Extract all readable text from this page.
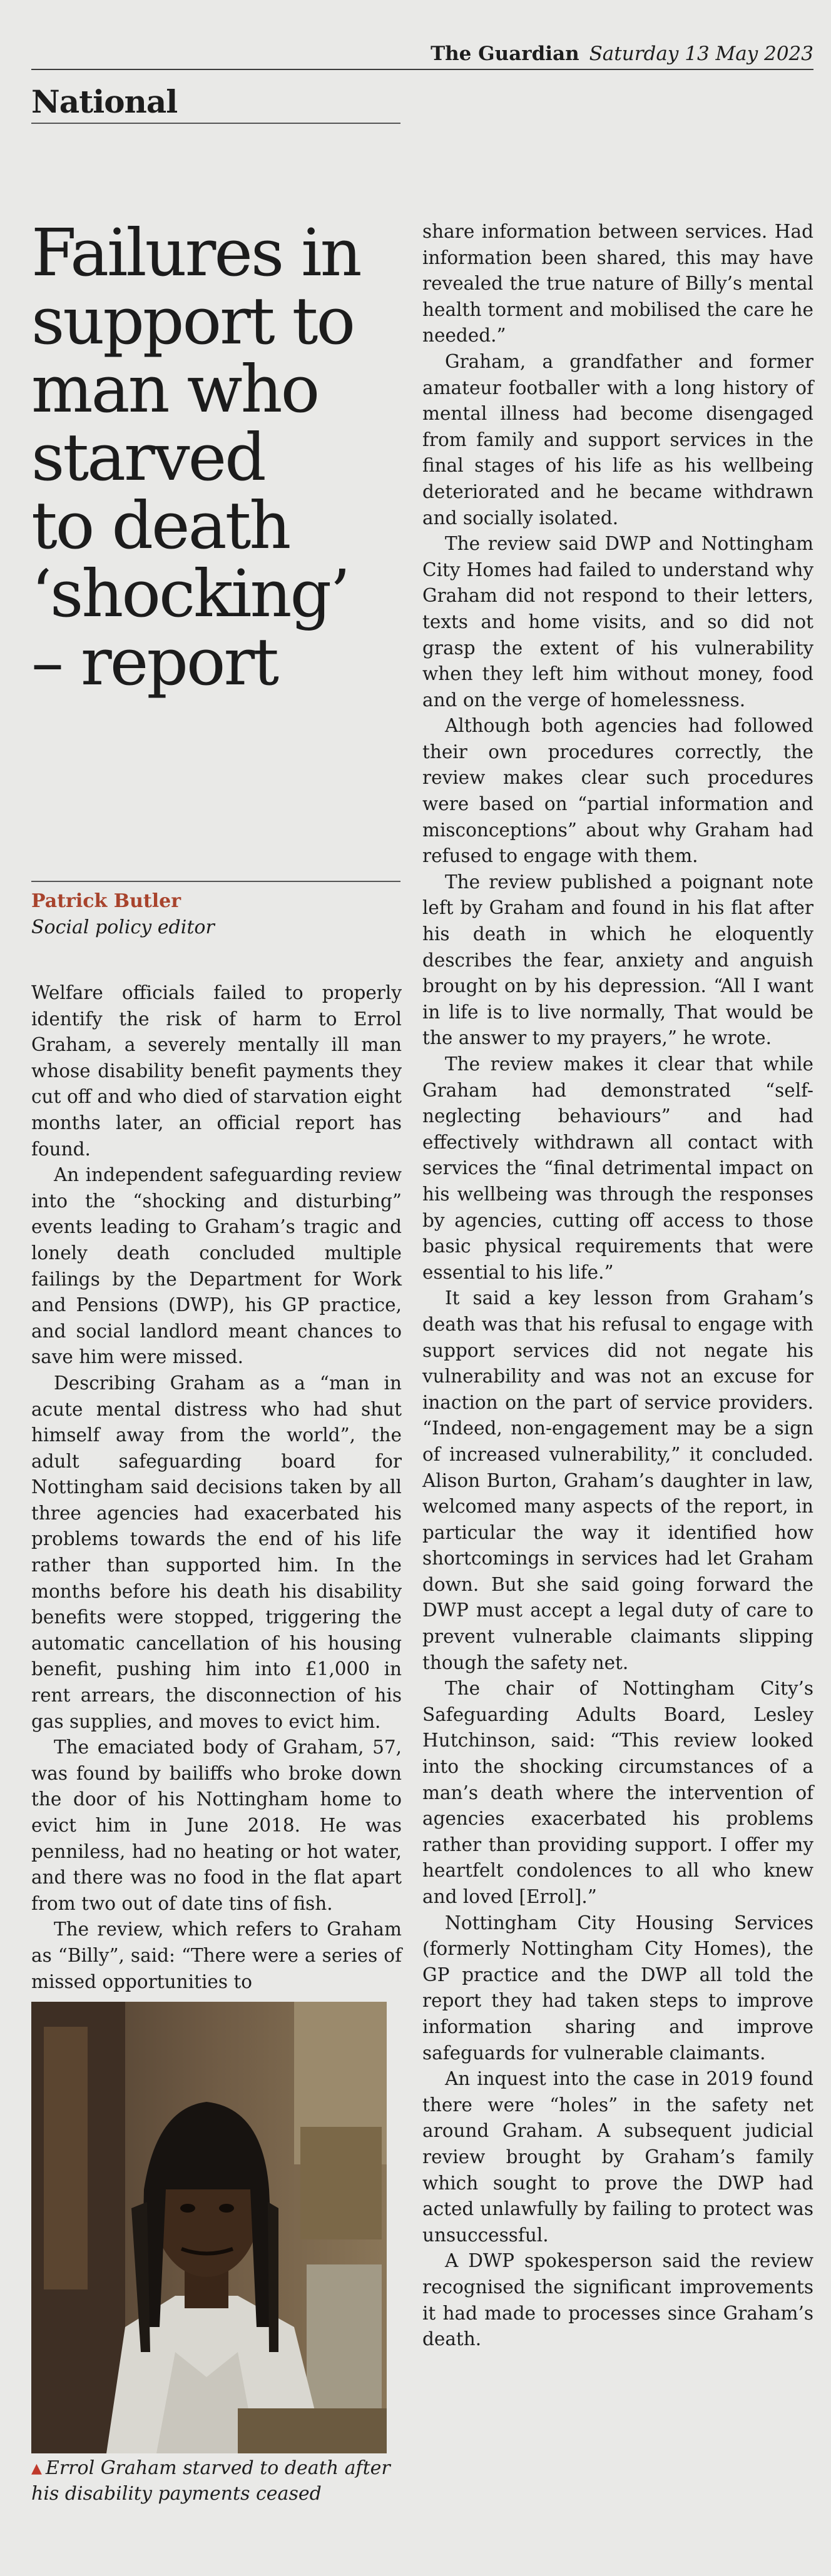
The Guardian Saturday 13 May 2023
National
Failures in
support to
man who
starved
to death
‘shocking’
– report
Patrick Butler
Social policy editor

Welfare officials failed to properly identify the risk of harm to Errol Graham, a severely mentally ill man whose disability benefit payments they cut off and who died of starvation eight months later, an official report has found.

An independent safeguarding review into the “shocking and disturbing” events leading to Graham’s tragic and lonely death concluded multiple failings by the Department for Work and Pensions (DWP), his GP practice, and social landlord meant chances to save him were missed.

Describing Graham as a “man in acute mental distress who had shut himself away from the world”, the adult safeguarding board for Nottingham said decisions taken by all three agencies had exacerbated his problems towards the end of his life rather than supported him. In the months before his death his disability benefits were stopped, triggering the automatic cancellation of his housing benefit, pushing him into £1,000 in rent arrears, the disconnection of his gas supplies, and moves to evict him.

The emaciated body of Graham, 57, was found by bailiffs who broke down the door of his Nottingham home to evict him in June 2018. He was penniless, had no heating or hot water, and there was no food in the flat apart from two out of date tins of fish.

The review, which refers to Graham as “Billy”, said: “There were a series of missed opportunities to

▲ Errol Graham starved to death after his disability payments ceased

share information between services. Had information been shared, this may have revealed the true nature of Billy’s mental health torment and mobilised the care he needed.”

Graham, a grandfather and former amateur footballer with a long history of mental illness had become disengaged from family and support services in the final stages of his life as his wellbeing deteriorated and he became withdrawn and socially isolated.

The review said DWP and Nottingham City Homes had failed to understand why Graham did not respond to their letters, texts and home visits, and so did not grasp the extent of his vulnerability when they left him without money, food and on the verge of homelessness.

Although both agencies had followed their own procedures correctly, the review makes clear such procedures were based on “partial information and misconceptions” about why Graham had refused to engage with them.

The review published a poignant note left by Graham and found in his flat after his death in which he eloquently describes the fear, anxiety and anguish brought on by his depression. “All I want in life is to live normally, That would be the answer to my prayers,” he wrote.

The review makes it clear that while Graham had demonstrated “self-neglecting behaviours” and had effectively withdrawn all contact with services the “final detrimental impact on his wellbeing was through the responses by agencies, cutting off access to those basic physical requirements that were essential to his life.”

It said a key lesson from Graham’s death was that his refusal to engage with support services did not negate his vulnerability and was not an excuse for inaction on the part of service providers. “Indeed, non-engagement may be a sign of increased vulnerability,” it concluded. Alison Burton, Graham’s daughter in law, welcomed many aspects of the report, in particular the way it identified how shortcomings in services had let Graham down. But she said going forward the DWP must accept a legal duty of care to prevent vulnerable claimants slipping though the safety net.

The chair of Nottingham City’s Safeguarding Adults Board, Lesley Hutchinson, said: “This review looked into the shocking circumstances of a man’s death where the intervention of agencies exacerbated his problems rather than providing support. I offer my heartfelt condolences to all who knew and loved [Errol].”

Nottingham City Housing Services (formerly Nottingham City Homes), the GP practice and the DWP all told the report they had taken steps to improve information sharing and improve safeguards for vulnerable claimants.

An inquest into the case in 2019 found there were “holes” in the safety net around Graham. A subsequent judicial review brought by Graham’s family which sought to prove the DWP had acted unlawfully by failing to protect was unsuccessful.

A DWP spokesperson said the review recognised the significant improvements it had made to processes since Graham’s death.
